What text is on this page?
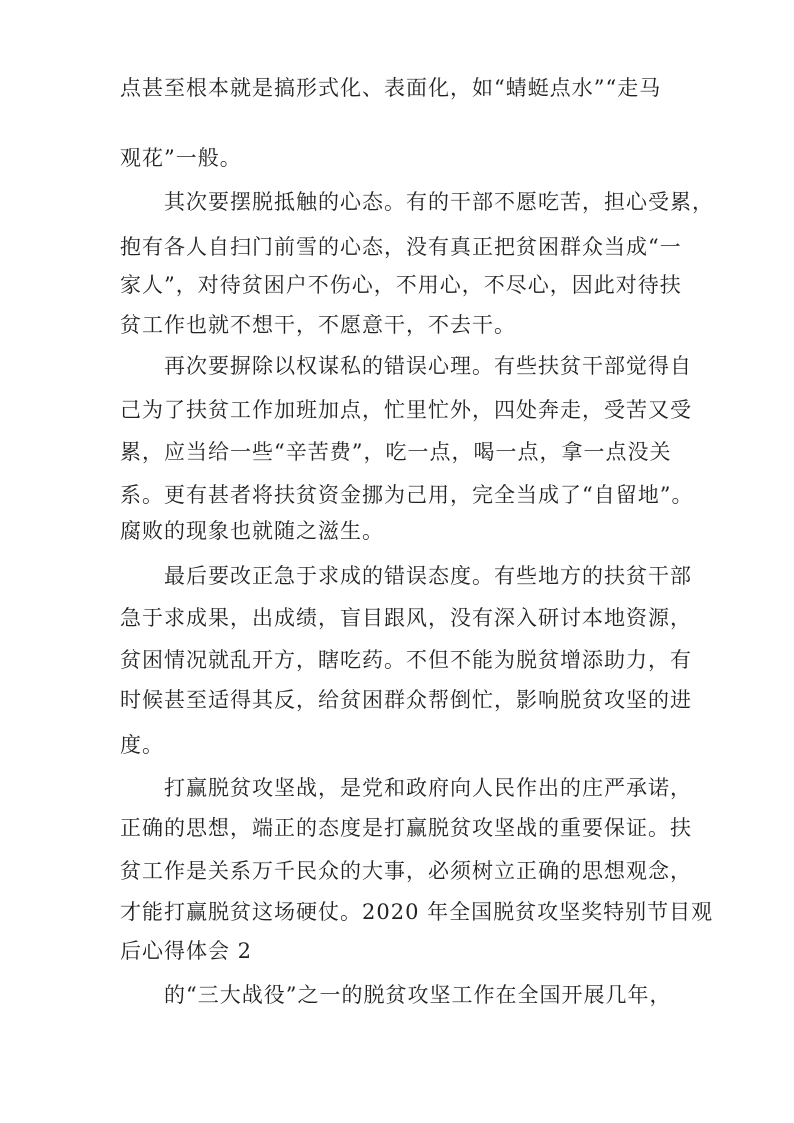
点甚至根本就是搞形式化、表面化，如“蜻蜓点水”“走马
观花”一般。
其次要摆脱抵触的心态。有的干部不愿吃苦，担心受累，
抱有各人自扫门前雪的心态，没有真正把贫困群众当成“一
家人”，对待贫困户不伤心，不用心，不尽心，因此对待扶
贫工作也就不想干，不愿意干，不去干。
再次要摒除以权谋私的错误心理。有些扶贫干部觉得自
己为了扶贫工作加班加点，忙里忙外，四处奔走，受苦又受
累，应当给一些“辛苦费”，吃一点，喝一点，拿一点没关
系。更有甚者将扶贫资金挪为己用，完全当成了“自留地”。
腐败的现象也就随之滋生。
最后要改正急于求成的错误态度。有些地方的扶贫干部
急于求成果，出成绩，盲目跟风，没有深入研讨本地资源，
贫困情况就乱开方，瞎吃药。不但不能为脱贫增添助力，有
时候甚至适得其反，给贫困群众帮倒忙，影响脱贫攻坚的进
度。
打赢脱贫攻坚战，是党和政府向人民作出的庄严承诺，
正确的思想，端正的态度是打赢脱贫攻坚战的重要保证。扶
贫工作是关系万千民众的大事，必须树立正确的思想观念，
才能打赢脱贫这场硬仗。2020 年全国脱贫攻坚奖特别节目观
后心得体会 2
的“三大战役”之一的脱贫攻坚工作在全国开展几年，
